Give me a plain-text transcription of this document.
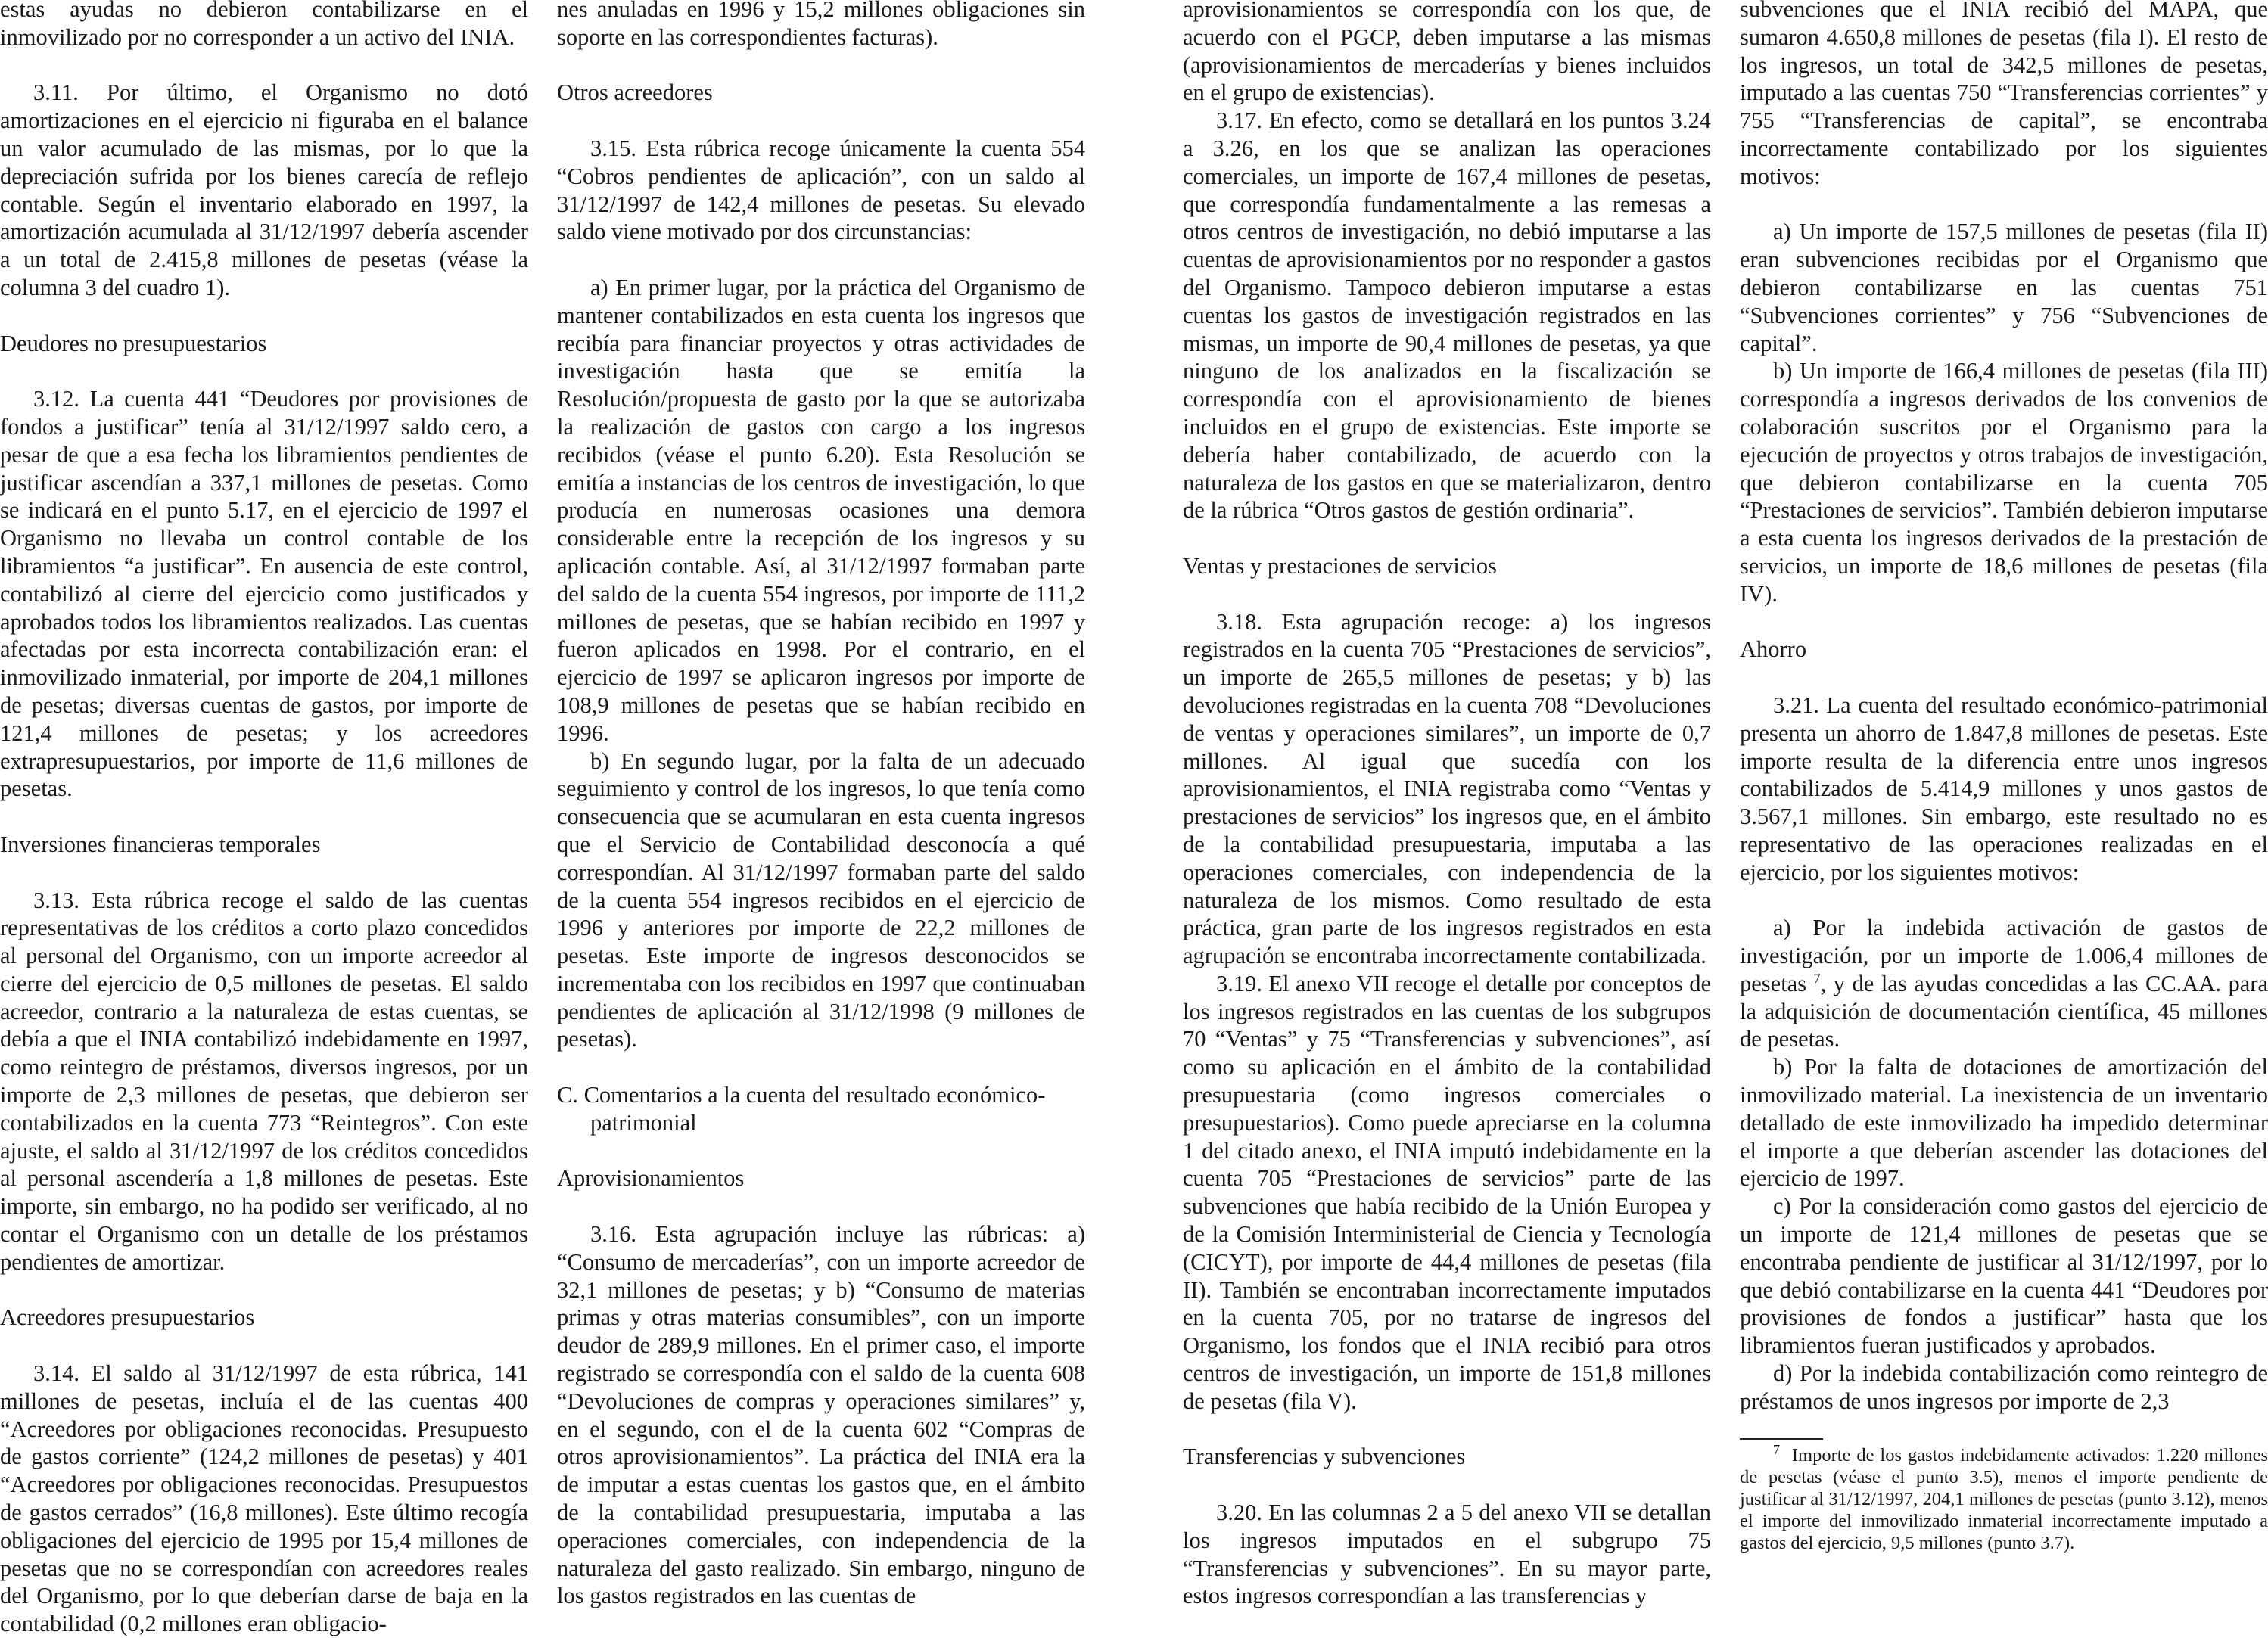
estas ayudas no debieron contabilizarse en el inmovilizado por no corresponder a un activo del INIA.

3.11. Por último, el Organismo no dotó amortizaciones en el ejercicio ni figuraba en el balance un valor acumulado de las mismas, por lo que la depreciación sufrida por los bienes carecía de reflejo contable. Según el inventario elaborado en 1997, la amortización acumulada al 31/12/1997 debería ascender a un total de 2.415,8 millones de pesetas (véase la columna 3 del cuadro 1).

Deudores no presupuestarios

3.12. La cuenta 441 “Deudores por provisiones de fondos a justificar” tenía al 31/12/1997 saldo cero, a pesar de que a esa fecha los libramientos pendientes de justificar ascendían a 337,1 millones de pesetas. Como se indicará en el punto 5.17, en el ejercicio de 1997 el Organismo no llevaba un control contable de los libramientos “a justificar”. En ausencia de este control, contabilizó al cierre del ejercicio como justificados y aprobados todos los libramientos realizados. Las cuentas afectadas por esta incorrecta contabilización eran: el inmovilizado inmaterial, por importe de 204,1 millones de pesetas; diversas cuentas de gastos, por importe de 121,4 millones de pesetas; y los acreedores extrapresupuestarios, por importe de 11,6 millones de pesetas.

Inversiones financieras temporales

3.13. Esta rúbrica recoge el saldo de las cuentas representativas de los créditos a corto plazo concedidos al personal del Organismo, con un importe acreedor al cierre del ejercicio de 0,5 millones de pesetas. El saldo acreedor, contrario a la naturaleza de estas cuentas, se debía a que el INIA contabilizó indebidamente en 1997, como reintegro de préstamos, diversos ingresos, por un importe de 2,3 millones de pesetas, que debieron ser contabilizados en la cuenta 773 “Reintegros”. Con este ajuste, el saldo al 31/12/1997 de los créditos concedidos al personal ascendería a 1,8 millones de pesetas. Este importe, sin embargo, no ha podido ser verificado, al no contar el Organismo con un detalle de los préstamos pendientes de amortizar.

Acreedores presupuestarios

3.14. El saldo al 31/12/1997 de esta rúbrica, 141 millones de pesetas, incluía el de las cuentas 400 “Acreedores por obligaciones reconocidas. Presupuesto de gastos corriente” (124,2 millones de pesetas) y 401 “Acreedores por obligaciones reconocidas. Presupuestos de gastos cerrados” (16,8 millones). Este último recogía obligaciones del ejercicio de 1995 por 15,4 millones de pesetas que no se correspondían con acreedores reales del Organismo, por lo que deberían darse de baja en la contabilidad (0,2 millones eran obligacio-

nes anuladas en 1996 y 15,2 millones obligaciones sin soporte en las correspondientes facturas).

Otros acreedores

3.15. Esta rúbrica recoge únicamente la cuenta 554 “Cobros pendientes de aplicación”, con un saldo al 31/12/1997 de 142,4 millones de pesetas. Su elevado saldo viene motivado por dos circunstancias:

a) En primer lugar, por la práctica del Organismo de mantener contabilizados en esta cuenta los ingresos que recibía para financiar proyectos y otras actividades de investigación hasta que se emitía la Resolución/propuesta de gasto por la que se autorizaba la realización de gastos con cargo a los ingresos recibidos (véase el punto 6.20). Esta Resolución se emitía a instancias de los centros de investigación, lo que producía en numerosas ocasiones una demora considerable entre la recepción de los ingresos y su aplicación contable. Así, al 31/12/1997 formaban parte del saldo de la cuenta 554 ingresos, por importe de 111,2 millones de pesetas, que se habían recibido en 1997 y fueron aplicados en 1998. Por el contrario, en el ejercicio de 1997 se aplicaron ingresos por importe de 108,9 millones de pesetas que se habían recibido en 1996.

b) En segundo lugar, por la falta de un adecuado seguimiento y control de los ingresos, lo que tenía como consecuencia que se acumularan en esta cuenta ingresos que el Servicio de Contabilidad desconocía a qué correspondían. Al 31/12/1997 formaban parte del saldo de la cuenta 554 ingresos recibidos en el ejercicio de 1996 y anteriores por importe de 22,2 millones de pesetas. Este importe de ingresos desconocidos se incrementaba con los recibidos en 1997 que continuaban pendientes de aplicación al 31/12/1998 (9 millones de pesetas).

C. Comentarios a la cuenta del resultado económico-patrimonial
Aprovisionamientos

3.16. Esta agrupación incluye las rúbricas: a) “Consumo de mercaderías”, con un importe acreedor de 32,1 millones de pesetas; y b) “Consumo de materias primas y otras materias consumibles”, con un importe deudor de 289,9 millones. En el primer caso, el importe registrado se correspondía con el saldo de la cuenta 608 “Devoluciones de compras y operaciones similares” y, en el segundo, con el de la cuenta 602 “Compras de otros aprovisionamientos”. La práctica del INIA era la de imputar a estas cuentas los gastos que, en el ámbito de la contabilidad presupuestaria, imputaba a las operaciones comerciales, con independencia de la naturaleza del gasto realizado. Sin embargo, ninguno de los gastos registrados en las cuentas de

aprovisionamientos se correspondía con los que, de acuerdo con el PGCP, deben imputarse a las mismas (aprovisionamientos de mercaderías y bienes incluidos en el grupo de existencias).

3.17. En efecto, como se detallará en los puntos 3.24 a 3.26, en los que se analizan las operaciones comerciales, un importe de 167,4 millones de pesetas, que correspondía fundamentalmente a las remesas a otros centros de investigación, no debió imputarse a las cuentas de aprovisionamientos por no responder a gastos del Organismo. Tampoco debieron imputarse a estas cuentas los gastos de investigación registrados en las mismas, un importe de 90,4 millones de pesetas, ya que ninguno de los analizados en la fiscalización se correspondía con el aprovisionamiento de bienes incluidos en el grupo de existencias. Este importe se debería haber contabilizado, de acuerdo con la naturaleza de los gastos en que se materializaron, dentro de la rúbrica “Otros gastos de gestión ordinaria”.

Ventas y prestaciones de servicios

3.18. Esta agrupación recoge: a) los ingresos registrados en la cuenta 705 “Prestaciones de servicios”, un importe de 265,5 millones de pesetas; y b) las devoluciones registradas en la cuenta 708 “Devoluciones de ventas y operaciones similares”, un importe de 0,7 millones. Al igual que sucedía con los aprovisionamientos, el INIA registraba como “Ventas y prestaciones de servicios” los ingresos que, en el ámbito de la contabilidad presupuestaria, imputaba a las operaciones comerciales, con independencia de la naturaleza de los mismos. Como resultado de esta práctica, gran parte de los ingresos registrados en esta agrupación se encontraba incorrectamente contabilizada.

3.19. El anexo VII recoge el detalle por conceptos de los ingresos registrados en las cuentas de los subgrupos 70 “Ventas” y 75 “Transferencias y subvenciones”, así como su aplicación en el ámbito de la contabilidad presupuestaria (como ingresos comerciales o presupuestarios). Como puede apreciarse en la columna 1 del citado anexo, el INIA imputó indebidamente en la cuenta 705 “Prestaciones de servicios” parte de las subvenciones que había recibido de la Unión Europea y de la Comisión Interministerial de Ciencia y Tecnología (CICYT), por importe de 44,4 millones de pesetas (fila II). También se encontraban incorrectamente imputados en la cuenta 705, por no tratarse de ingresos del Organismo, los fondos que el INIA recibió para otros centros de investigación, un importe de 151,8 millones de pesetas (fila V).

Transferencias y subvenciones

3.20. En las columnas 2 a 5 del anexo VII se detallan los ingresos imputados en el subgrupo 75 “Transferencias y subvenciones”. En su mayor parte, estos ingresos correspondían a las transferencias y

subvenciones que el INIA recibió del MAPA, que sumaron 4.650,8 millones de pesetas (fila I). El resto de los ingresos, un total de 342,5 millones de pesetas, imputado a las cuentas 750 “Transferencias corrientes” y 755 “Transferencias de capital”, se encontraba incorrectamente contabilizado por los siguientes motivos:

a) Un importe de 157,5 millones de pesetas (fila II) eran subvenciones recibidas por el Organismo que debieron contabilizarse en las cuentas 751 “Subvenciones corrientes” y 756 “Subvenciones de capital”.

b) Un importe de 166,4 millones de pesetas (fila III) correspondía a ingresos derivados de los convenios de colaboración suscritos por el Organismo para la ejecución de proyectos y otros trabajos de investigación, que debieron contabilizarse en la cuenta 705 “Prestaciones de servicios”. También debieron imputarse a esta cuenta los ingresos derivados de la prestación de servicios, un importe de 18,6 millones de pesetas (fila IV).

Ahorro

3.21. La cuenta del resultado económico-patrimonial presenta un ahorro de 1.847,8 millones de pesetas. Este importe resulta de la diferencia entre unos ingresos contabilizados de 5.414,9 millones y unos gastos de 3.567,1 millones. Sin embargo, este resultado no es representativo de las operaciones realizadas en el ejercicio, por los siguientes motivos:

a) Por la indebida activación de gastos de investigación, por un importe de 1.006,4 millones de pesetas $^7$, y de las ayudas concedidas a las CC.AA. para la adquisición de documentación científica, 45 millones de pesetas.

b) Por la falta de dotaciones de amortización del inmovilizado material. La inexistencia de un inventario detallado de este inmovilizado ha impedido determinar el importe a que deberían ascender las dotaciones del ejercicio de 1997.

c) Por la consideración como gastos del ejercicio de un importe de 121,4 millones de pesetas que se encontraba pendiente de justificar al 31/12/1997, por lo que debió contabilizarse en la cuenta 441 “Deudores por provisiones de fondos a justificar” hasta que los libramientos fueran justificados y aprobados.

d) Por la indebida contabilización como reintegro de préstamos de unos ingresos por importe de 2,3

$^7$ Importe de los gastos indebidamente activados: 1.220 millones de pesetas (véase el punto 3.5), menos el importe pendiente de justificar al 31/12/1997, 204,1 millones de pesetas (punto 3.12), menos el importe del inmovilizado inmaterial incorrectamente imputado a gastos del ejercicio, 9,5 millones (punto 3.7).
